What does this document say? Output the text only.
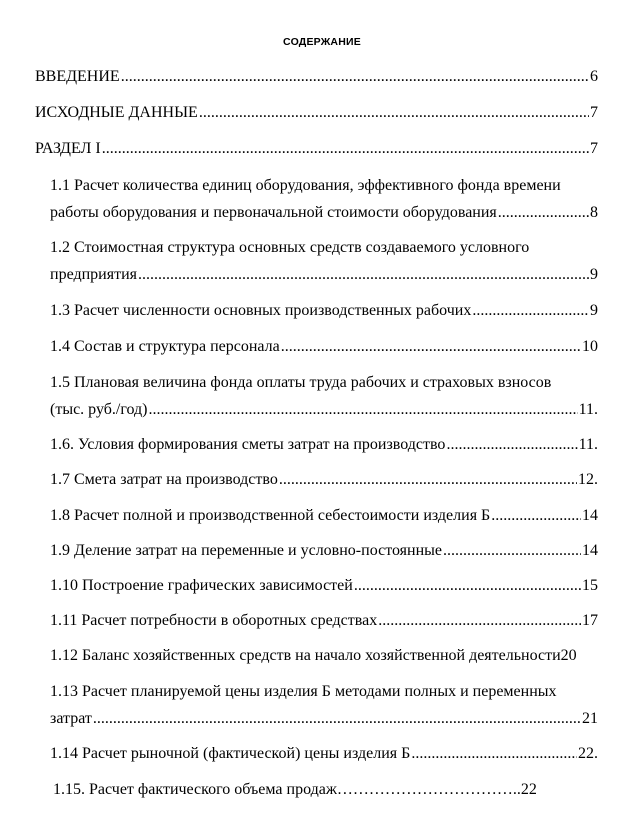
СОДЕРЖАНИЕ
ВВЕДЕНИЕ .....	6
ИСХОДНЫЕ ДАННЫЕ .....	7
РАЗДЕЛ I .....	7
1.1 Расчет количества единиц оборудования, эффективного фонда времени
работы оборудования и первоначальной стоимости оборудования .....	8
1.2 Стоимостная структура основных средств создаваемого условного
предприятия .....	9
1.3 Расчет численности основных производственных рабочих .....	9
1.4 Состав и структура персонала .....	10
1.5 Плановая величина фонда оплаты труда рабочих и страховых взносов
(тыс. руб./год) .....	11.
1.6. Условия формирования сметы затрат на производство .....	11.
1.7 Смета затрат на производство .....	12.
1.8 Расчет полной и производственной себестоимости изделия Б .....	14
1.9 Деление затрат на переменные и условно-постоянные .....	14
1.10 Построение графических зависимостей .....	15
1.11 Расчет потребности в оборотных средствах .....	17
1.12 Баланс хозяйственных средств на начало хозяйственной деятельности 20
1.13 Расчет планируемой цены изделия Б методами полных и переменных
затрат .....	21
1.14 Расчет рыночной (фактической) цены изделия Б .....	22.
1.15. Расчет фактического объема продаж…………………………….. 22
